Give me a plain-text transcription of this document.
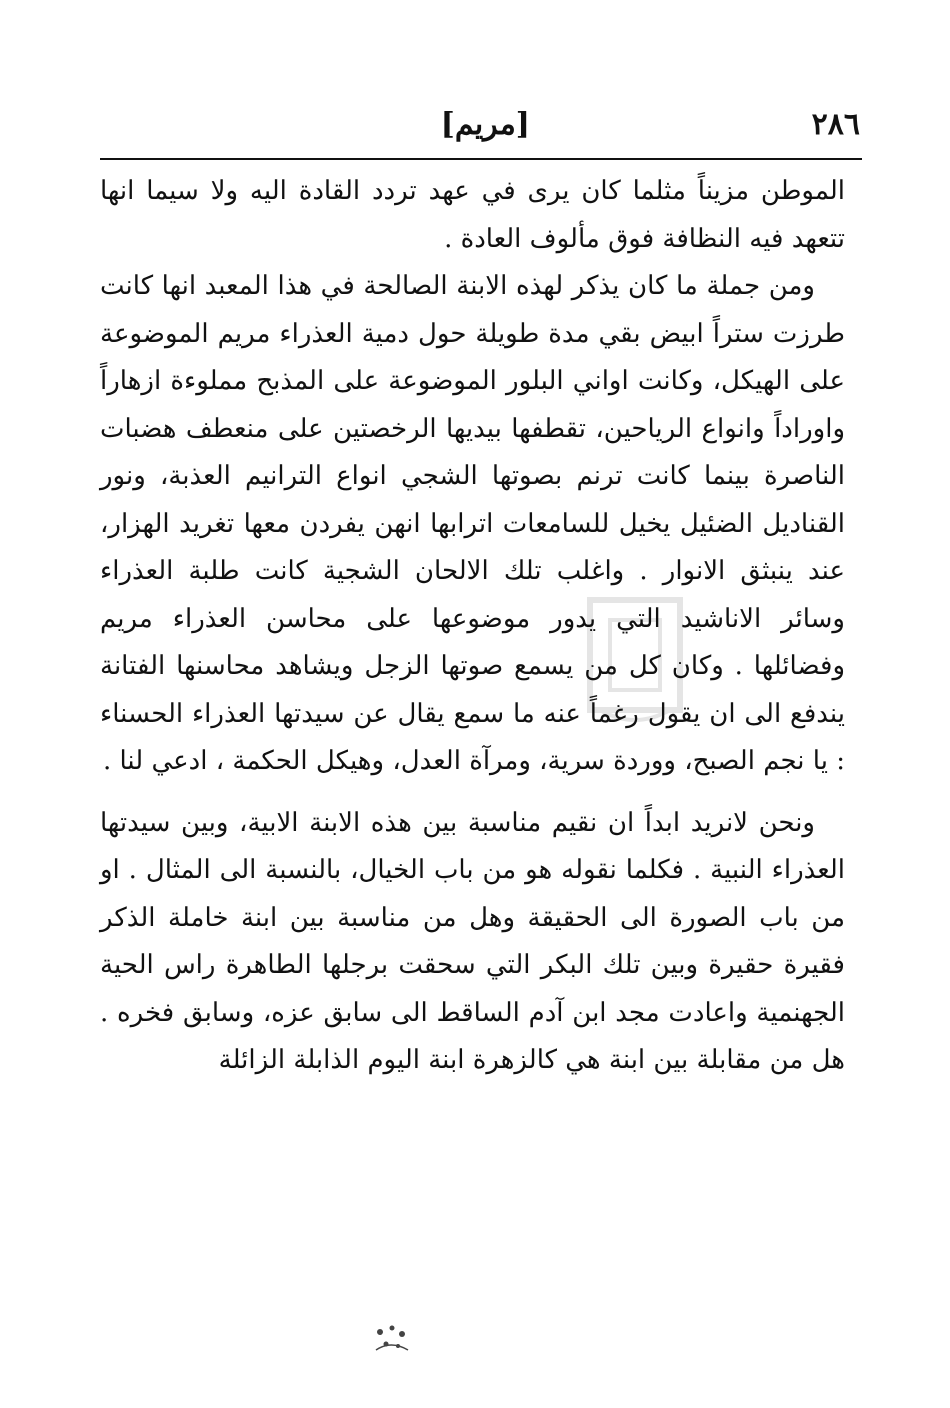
٢٨٦
[مريم]

الموطن مزيناً مثلما كان يرى في عهد تردد القادة اليه ولا سيما انها تتعهد فيه النظافة فوق مألوف العادة .

ومن جملة ما كان يذكر لهذه الابنة الصالحة في هذا المعبد انها كانت طرزت ستراً ابيض بقي مدة طويلة حول دمية العذراء مريم الموضوعة على الهيكل، وكانت اواني البلور الموضوعة على المذبح مملوءة ازهاراً واوراداً وانواع الرياحين، تقطفها بيديها الرخصتين على منعطف هضبات الناصرة بينما كانت ترنم بصوتها الشجي انواع الترانيم العذبة، ونور القناديل الضئيل يخيل للسامعات اترابها انهن يفردن معها تغريد الهزار، عند ينبثق الانوار . واغلب تلك الالحان الشجية كانت طلبة العذراء وسائر الاناشيد التي يدور موضوعها على محاسن العذراء مريم وفضائلها . وكان كل من يسمع صوتها الزجل ويشاهد محاسنها الفتانة يندفع الى ان يقول رغماً عنه ما سمع يقال عن سيدتها العذراء الحسناء : يا نجم الصبح، ووردة سرية، ومرآة العدل، وهيكل الحكمة ، ادعي لنا .

ونحن لانريد ابداً ان نقيم مناسبة بين هذه الابنة الابية، وبين سيدتها العذراء النبية . فكلما نقوله هو من باب الخيال، بالنسبة الى المثال . او من باب الصورة الى الحقيقة وهل من مناسبة بين ابنة خاملة الذكر فقيرة حقيرة وبين تلك البكر التي سحقت برجلها الطاهرة راس الحية الجهنمية واعادت مجد ابن آدم الساقط الى سابق عزه، وسابق فخره . هل من مقابلة بين ابنة هي كالزهرة ابنة اليوم الذابلة الزائلة
